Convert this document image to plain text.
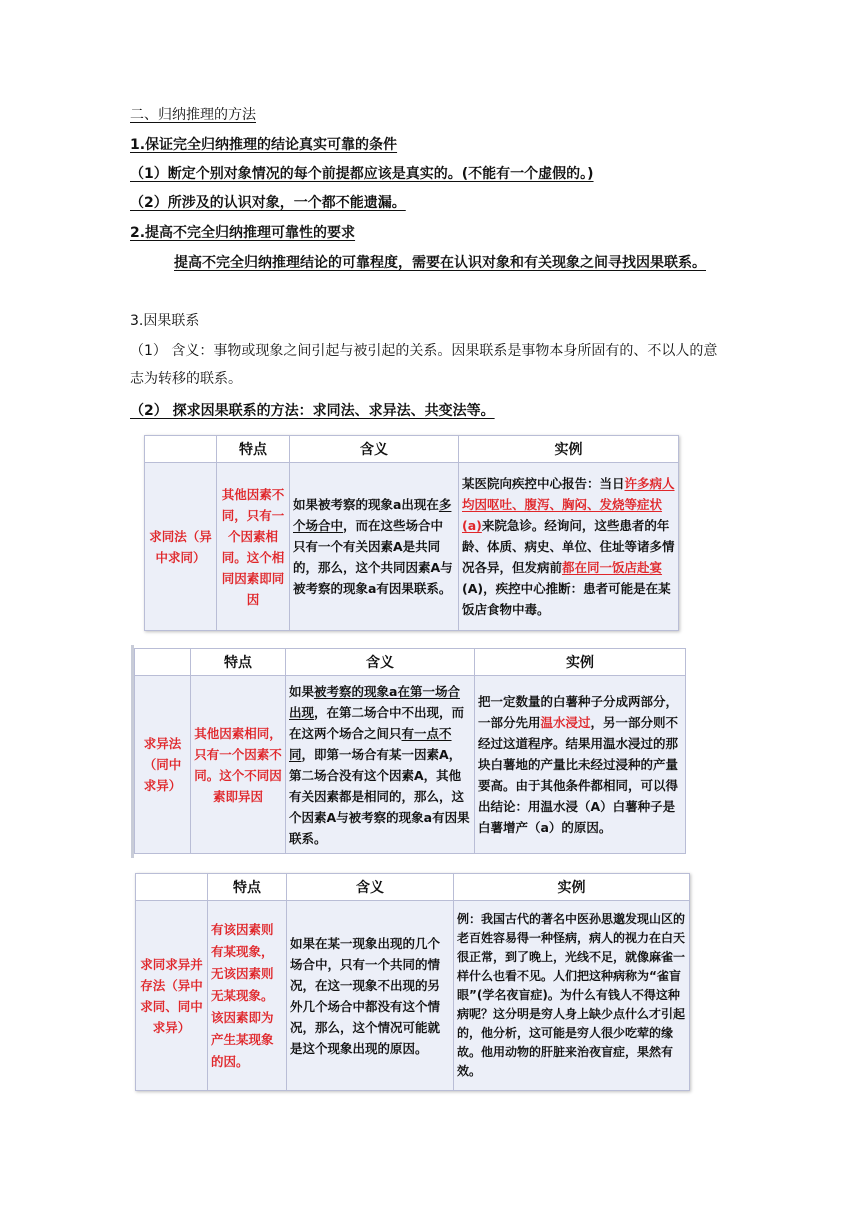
二、归纳推理的方法
1.保证完全归纳推理的结论真实可靠的条件
（1）断定个别对象情况的每个前提都应该是真实的。(不能有一个虚假的。)
（2）所涉及的认识对象，一个都不能遗漏。
2.提高不完全归纳推理可靠性的要求
提高不完全归纳推理结论的可靠程度，需要在认识对象和有关现象之间寻找因果联系。
3.因果联系
（1） 含义：事物或现象之间引起与被引起的关系。因果联系是事物本身所固有的、不以人的意志为转移的联系。
（2） 探求因果联系的方法：求同法、求异法、共变法等。
	特点	含义	实例
求同法（异中求同）	其他因素不同，只有一个因素相同。这个相同因素即同因	如果被考察的现象a出现在多个场合中，而在这些场合中只有一个有关因素A是共同的，那么，这个共同因素A与被考察的现象a有因果联系。	某医院向疾控中心报告：当日许多病人均因呕吐、腹泻、胸闷、发烧等症状(a)来院急诊。经询问，这些患者的年龄、体质、病史、单位、住址等诸多情况各异，但发病前都在同一饭店赴宴(A)，疾控中心推断：患者可能是在某饭店食物中毒。
	特点	含义	实例
求异法（同中求异）	其他因素相同，只有一个因素不同。这个不同因素即异因	如果被考察的现象a在第一场合出现，在第二场合中不出现，而在这两个场合之间只有一点不同，即第一场合有某一因素A，第二场合没有这个因素A，其他有关因素都是相同的，那么，这个因素A与被考察的现象a有因果联系。	把一定数量的白薯种子分成两部分，一部分先用温水浸过，另一部分则不经过这道程序。结果用温水浸过的那块白薯地的产量比未经过浸种的产量要高。由于其他条件都相同，可以得出结论：用温水浸（A）白薯种子是白薯增产（a）的原因。
	特点	含义	实例
求同求异并存法（异中求同、同中求异）	有该因素则有某现象，无该因素则无某现象。该因素即为产生某现象的因。	如果在某一现象出现的几个场合中，只有一个共同的情况，在这一现象不出现的另外几个场合中都没有这个情况，那么，这个情况可能就是这个现象出现的原因。	例：我国古代的著名中医孙思邈发现山区的老百姓容易得一种怪病，病人的视力在白天很正常，到了晚上，光线不足，就像麻雀一样什么也看不见。人们把这种病称为“雀盲眼”(学名夜盲症)。为什么有钱人不得这种病呢？这分明是穷人身上缺少点什么才引起的，他分析，这可能是穷人很少吃荤的缘故。他用动物的肝脏来治夜盲症，果然有效。
